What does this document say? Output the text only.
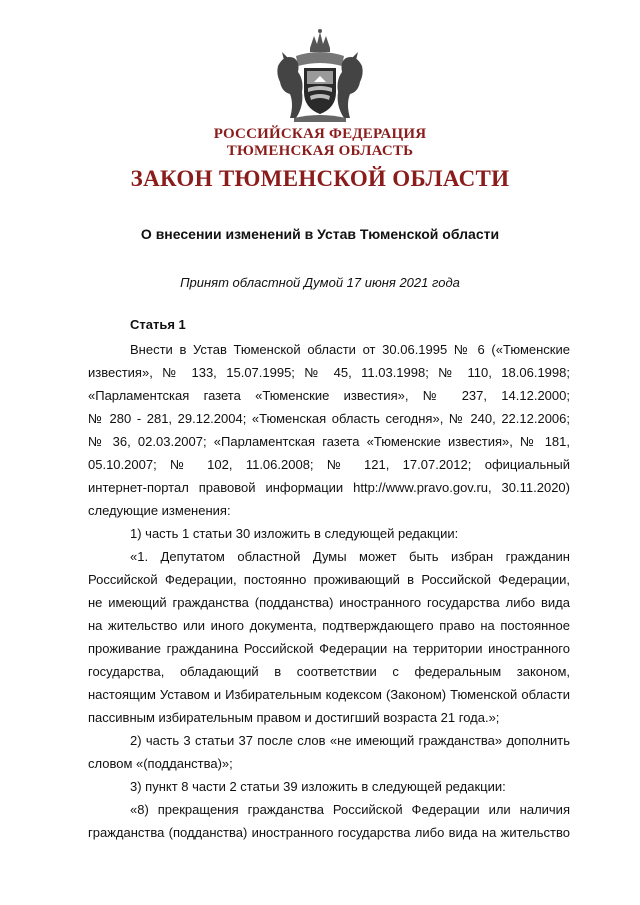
РОССИЙСКАЯ ФЕДЕРАЦИЯ
ТЮМЕНСКАЯ ОБЛАСТЬ
ЗАКОН ТЮМЕНСКОЙ ОБЛАСТИ
О внесении изменений в Устав Тюменской области
Принят областной Думой 17 июня 2021 года
Статья 1
Внести в Устав Тюменской области от 30.06.1995 № 6 («Тюменские
известия», № 133, 15.07.1995; № 45, 11.03.1998; № 110, 18.06.1998;
«Парламентская газета «Тюменские известия», № 237, 14.12.2000;
№ 280 - 281, 29.12.2004; «Тюменская область сегодня», № 240, 22.12.2006;
№ 36, 02.03.2007; «Парламентская газета «Тюменские известия», № 181,
05.10.2007; № 102, 11.06.2008; № 121, 17.07.2012; официальный
интернет-портал правовой информации http://www.pravo.gov.ru, 30.11.2020)
следующие изменения:
1) часть 1 статьи 30 изложить в следующей редакции:
«1. Депутатом областной Думы может быть избран гражданин
Российской Федерации, постоянно проживающий в Российской Федерации,
не имеющий гражданства (подданства) иностранного государства либо вида
на жительство или иного документа, подтверждающего право на постоянное
проживание гражданина Российской Федерации на территории иностранного
государства, обладающий в соответствии с федеральным законом,
настоящим Уставом и Избирательным кодексом (Законом) Тюменской области
пассивным избирательным правом и достигший возраста 21 года.»;
2) часть 3 статьи 37 после слов «не имеющий гражданства» дополнить
словом «(подданства)»;
3) пункт 8 части 2 статьи 39 изложить в следующей редакции:
«8) прекращения гражданства Российской Федерации или наличия
гражданства (подданства) иностранного государства либо вида на жительство
